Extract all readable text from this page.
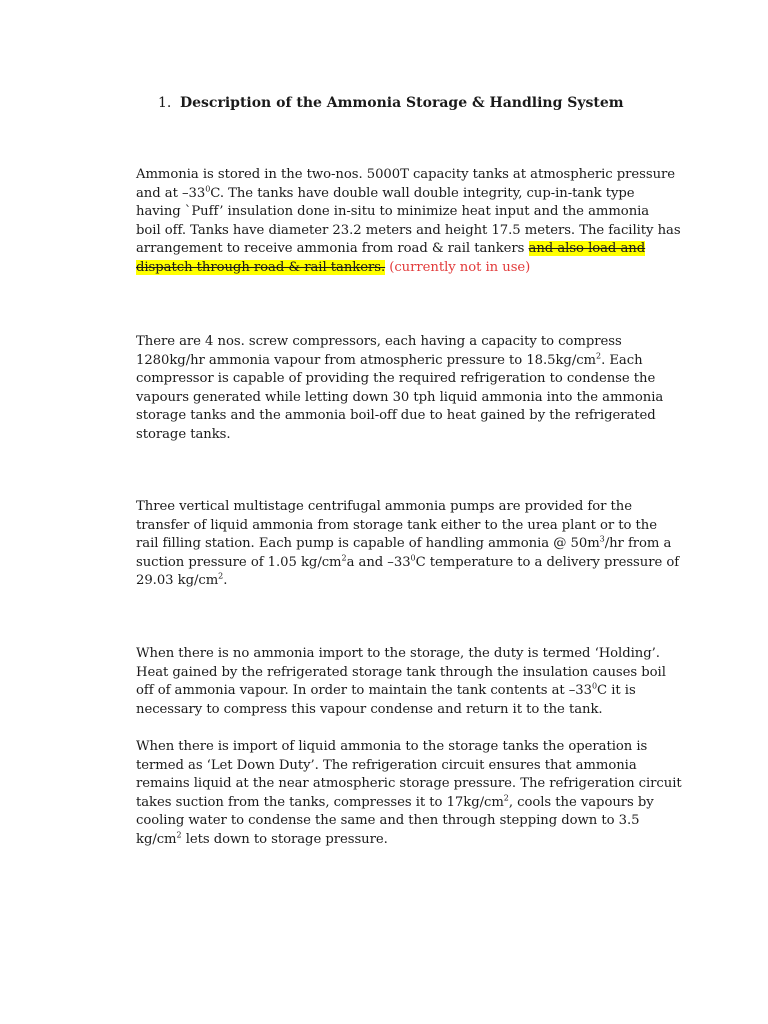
1. Description of the Ammonia Storage & Handling System
Ammonia is stored in the two-nos. 5000T capacity tanks at atmospheric pressure
and at $-33^0C$. The tanks have double wall double integrity, cup-in-tank type
having `Puff’ insulation done in-situ to minimize heat input and the ammonia
boil off. Tanks have diameter 23.2 meters and height 17.5 meters. The facility has
arrangement to receive ammonia from road & rail tankers and also load and
dispatch through road & rail tankers. (currently not in use)
There are 4 nos. screw compressors, each having a capacity to compress
1280kg/hr ammonia vapour from atmospheric pressure to $18.5kg/cm^2$. Each
compressor is capable of providing the required refrigeration to condense the
vapours generated while letting down 30 tph liquid ammonia into the ammonia
storage tanks and the ammonia boil-off due to heat gained by the refrigerated
storage tanks.
Three vertical multistage centrifugal ammonia pumps are provided for the
transfer of liquid ammonia from storage tank either to the urea plant or to the
rail filling station. Each pump is capable of handling ammonia @ $50m^3/hr$ from a
suction pressure of 1.05 $kg/cm^2a$ and $-33^0C$ temperature to a delivery pressure of
29.03 $kg/cm^2$.
When there is no ammonia import to the storage, the duty is termed ‘Holding’.
Heat gained by the refrigerated storage tank through the insulation causes boil
off of ammonia vapour. In order to maintain the tank contents at $-33^0C$ it is
necessary to compress this vapour condense and return it to the tank.
When there is import of liquid ammonia to the storage tanks the operation is
termed as ‘Let Down Duty’. The refrigeration circuit ensures that ammonia
remains liquid at the near atmospheric storage pressure. The refrigeration circuit
takes suction from the tanks, compresses it to $17kg/cm^2$, cools the vapours by
cooling water to condense the same and then through stepping down to 3.5
$kg/cm^2$ lets down to storage pressure.
